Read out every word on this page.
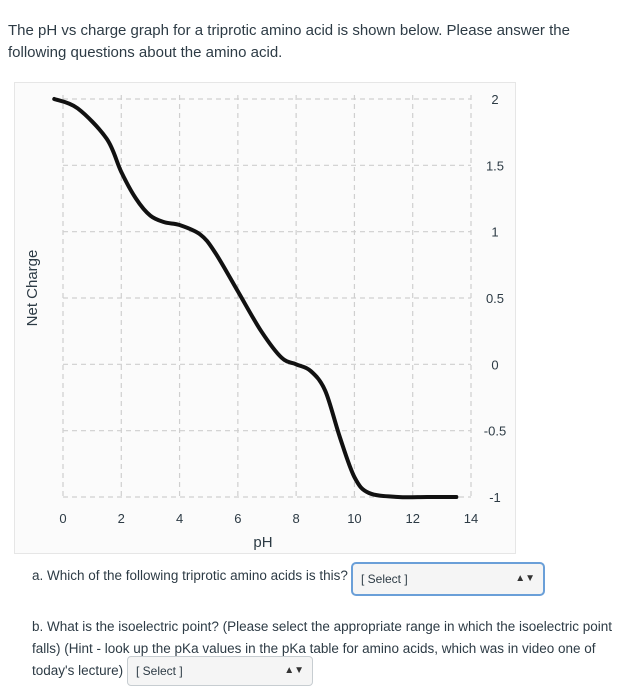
The pH vs charge graph for a triprotic amino acid is shown below. Please answer the following questions about the amino acid.
0	2	4	6	8	10	12	14
2
1.5
1
0.5
0
-0.5
-1
pH
Net Charge
a. Which of the following triprotic amino acids is this? [ Select ]	▲▼
b. What is the isoelectric point? (Please select the appropriate range in which the isoelectric point falls) (Hint - look up the pKa values in the pKa table for amino acids, which was in video one of today's lecture)	[ Select ]	▲▼
